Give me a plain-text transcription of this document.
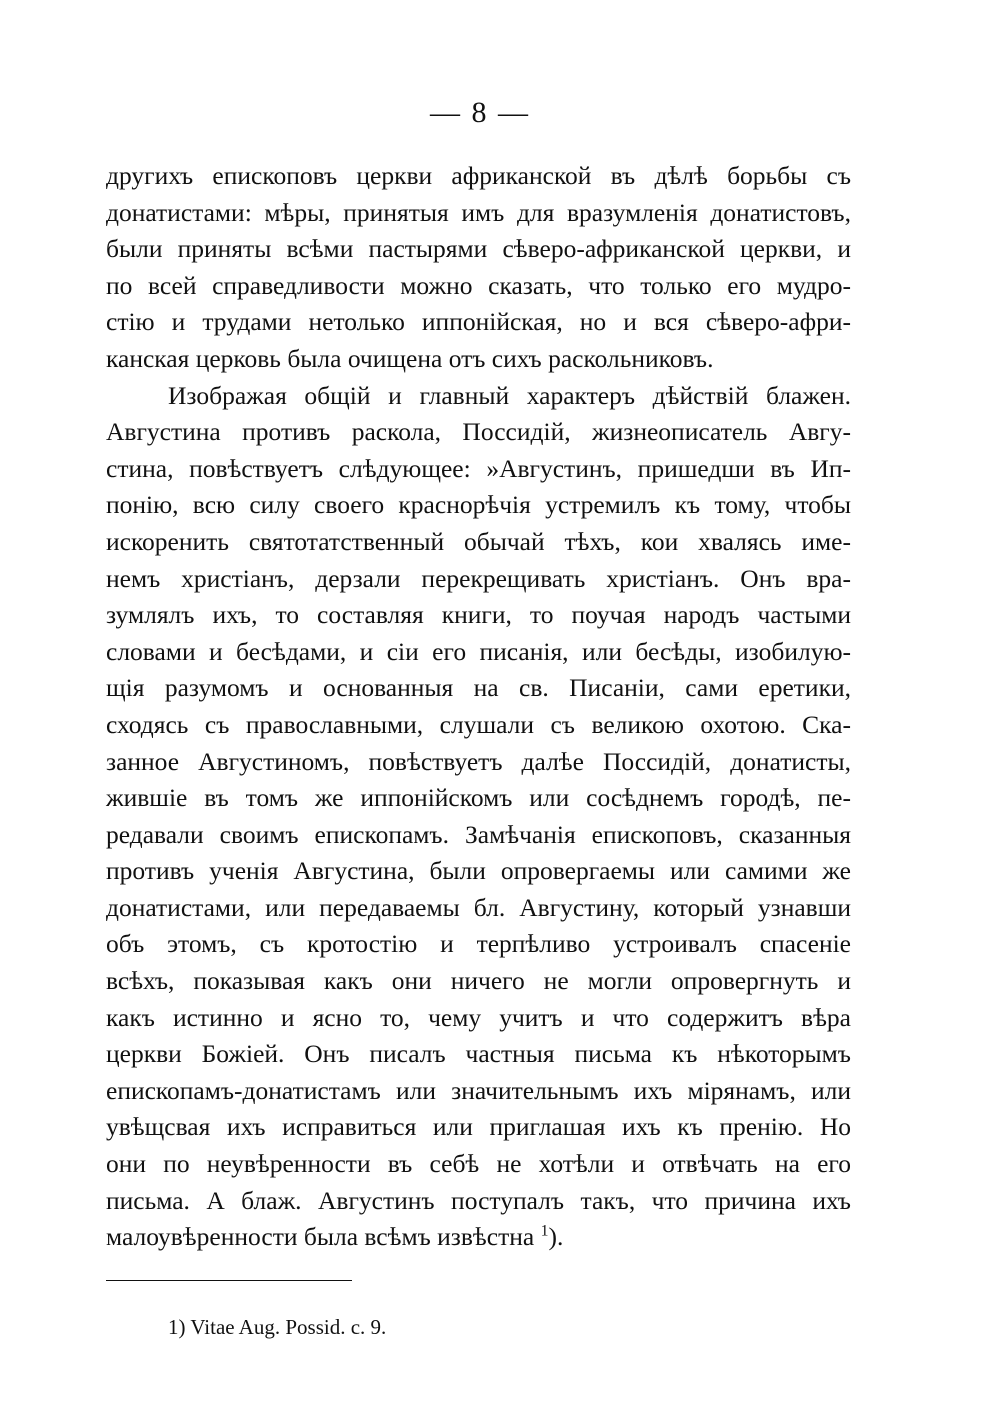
— 8 —
другихъ епископовъ церкви африканской въ дѣлѣ борьбы съ
донатистами: мѣры, принятыя имъ для вразумленія донатистовъ,
были приняты всѣми пастырями сѣверо-африканской церкви, и
по всей справедливости можно сказать, что только его мудро-
стію и трудами нетолько иппонійская, но и вся сѣверо-афри-
канская церковь была очищена отъ сихъ раскольниковъ.
Изображая общій и главный характеръ дѣйствій блажен.
Августина противъ раскола, Поссидій, жизнеописатель Авгу-
стина, повѣствуетъ слѣдующее: »Августинъ, пришедши въ Ип-
понію, всю силу своего краснорѣчія устремилъ къ тому, чтобы
искоренить святотатственный обычай тѣхъ, кои хвалясь име-
немъ христіанъ, дерзали перекрещивать христіанъ. Онъ вра-
зумлялъ ихъ, то составляя книги, то поучая народъ частыми
словами и бесѣдами, и сіи его писанія, или бесѣды, изобилую-
щія разумомъ и основанныя на св. Писаніи, сами еретики,
сходясь съ православными, слушали съ великою охотою. Ска-
занное Августиномъ, повѣствуетъ далѣе Поссидій, донатисты,
жившіе въ томъ же иппонійскомъ или сосѣднемъ городѣ, пе-
редавали своимъ епископамъ. Замѣчанія епископовъ, сказанныя
противъ ученія Августина, были опровергаемы или самими же
донатистами, или передаваемы бл. Августину, который узнавши
объ этомъ, съ кротостію и терпѣливо устроивалъ спасеніе
всѣхъ, показывая какъ они ничего не могли опровергнуть и
какъ истинно и ясно то, чему учитъ и что содержитъ вѣра
церкви Божіей. Онъ писалъ частныя письма къ нѣкоторымъ
епископамъ-донатистамъ или значительнымъ ихъ мірянамъ, или
увѣщсвая ихъ исправиться или приглашая ихъ къ пренію. Но
они по неувѣренности въ себѣ не хотѣли и отвѣчать на его
письма. А блаж. Августинъ поступалъ такъ, что причина ихъ
малоувѣренности была всѣмъ извѣстна $^1$).
1) Vitae Aug. Possid. c. 9.
